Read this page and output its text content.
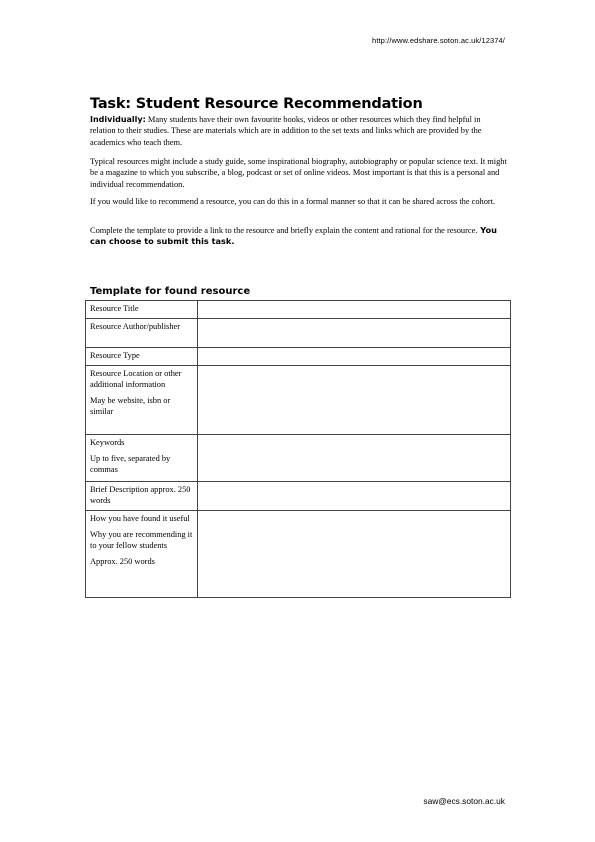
http://www.edshare.soton.ac.uk/12374/
Task: Student Resource Recommendation

Individually: Many students have their own favourite books, videos or other resources which they find helpful in relation to their studies. These are materials which are in addition to the set texts and links which are provided by the academics who teach them.

Typical resources might include a study guide, some inspirational biography, autobiography or popular science text. It might be a magazine to which you subscribe, a blog, podcast or set of online videos. Most important is that this is a personal and individual recommendation.

If you would like to recommend a resource, you can do this in a formal manner so that it can be shared across the cohort.

Complete the template to provide a link to the resource and briefly explain the content and rational for the resource. You can choose to submit this task.

Template for found resource
Resource Title	

Resource Author/publisher	

Resource Type	

Resource Location or other additional information
May be website, isbn or similar	

Keywords
Up to five, separated by commas	

Brief Description approx. 250 words	

How you have found it useful
Why you are recommending it to your fellow students
Approx. 250 words	

saw@ecs.soton.ac.uk
